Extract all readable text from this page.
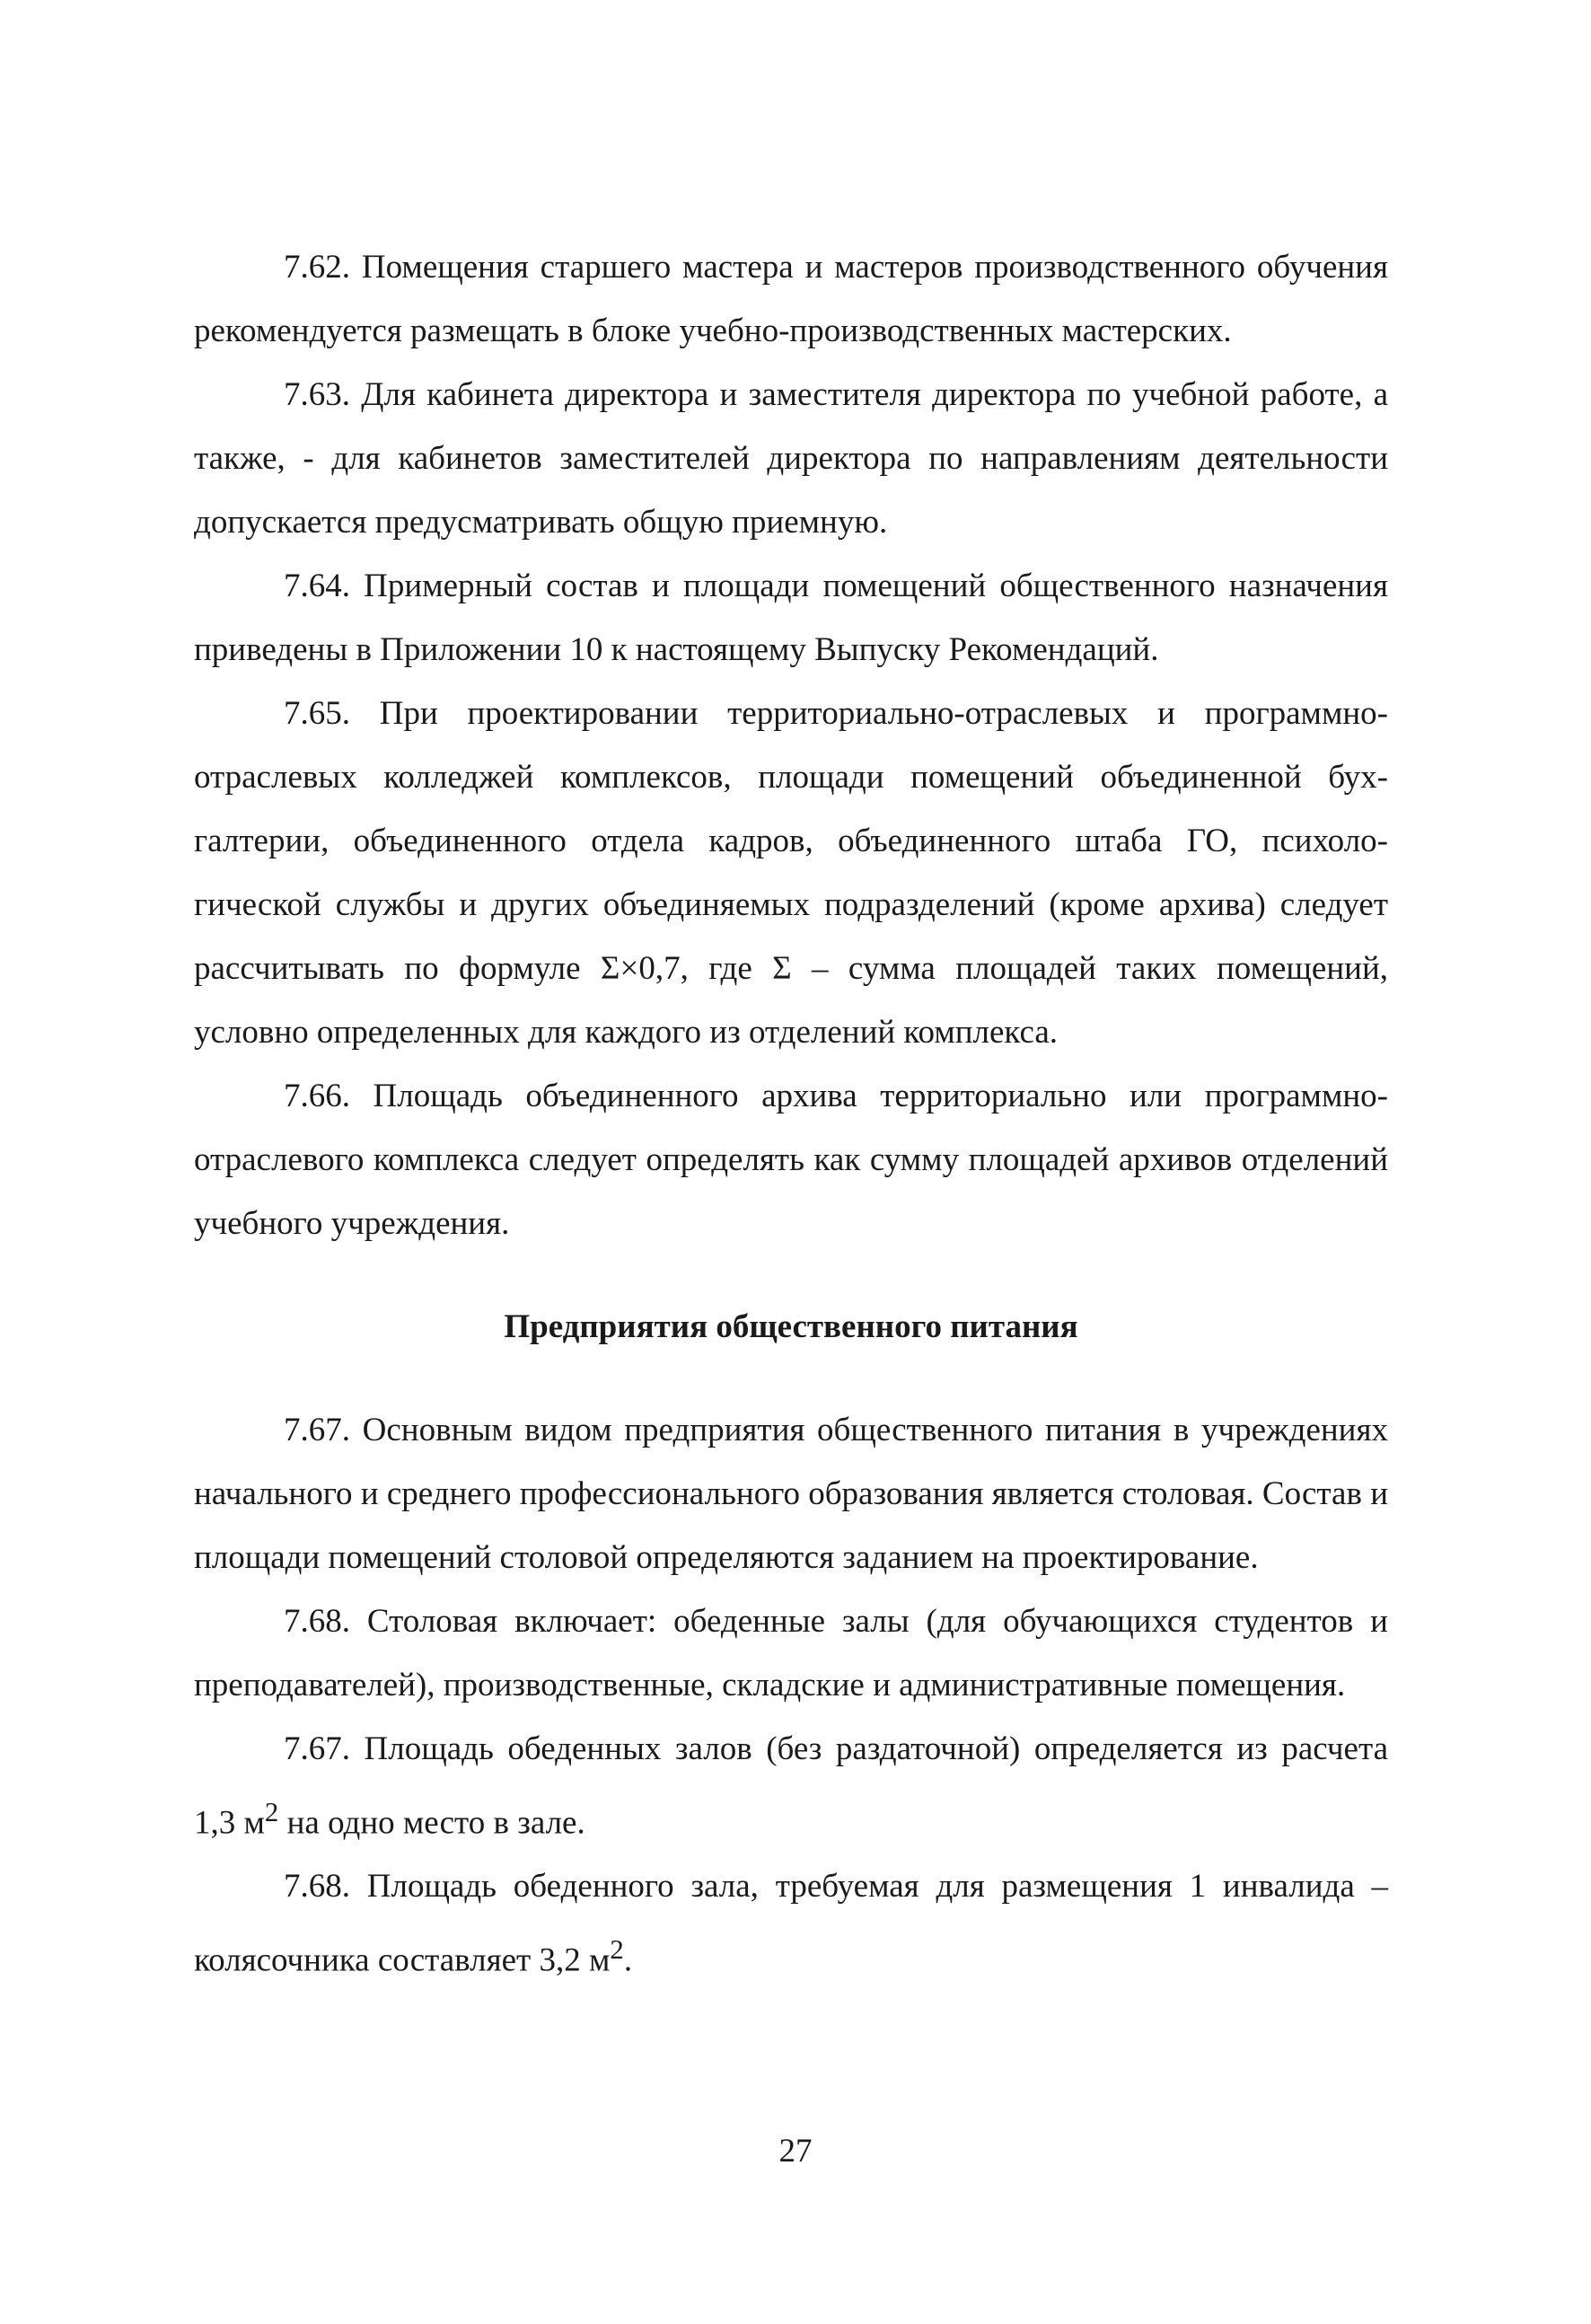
7.62. Помещения старшего мастера и мастеров производственного обучения рекомендуется размещать в блоке учебно-производственных мастерских.

7.63. Для кабинета директора и заместителя директора по учебной работе, а также, - для кабинетов заместителей директора по направлениям деятельности допускается предусматривать общую приемную.

7.64. Примерный состав и площади помещений общественного назначения приведены в Приложении 10 к настоящему Выпуску Рекомендаций.

7.65. При проектировании территориально-отраслевых и программно-отраслевых колледжей комплексов, площади помещений объединенной бухгалтерии, объединенного отдела кадров, объединенного штаба ГО, психологической службы и других объединяемых подразделений (кроме архива) следует рассчитывать по формуле Σ×0,7, где Σ – сумма площадей таких помещений, условно определенных для каждого из отделений комплекса.

7.66. Площадь объединенного архива территориально или программно-отраслевого комплекса следует определять как сумму площадей архивов отделений учебного учреждения.

Предприятия общественного питания

7.67. Основным видом предприятия общественного питания в учреждениях начального и среднего профессионального образования является столовая. Состав и площади помещений столовой определяются заданием на проектирование.

7.68. Столовая включает: обеденные залы (для обучающихся студентов и преподавателей), производственные, складские и административные помещения.

7.67. Площадь обеденных залов (без раздаточной) определяется из расчета 1,3 $м^2$ на одно место в зале.

7.68. Площадь обеденного зала, требуемая для размещения 1 инвалида – колясочника составляет 3,2 $м^2$.

27
